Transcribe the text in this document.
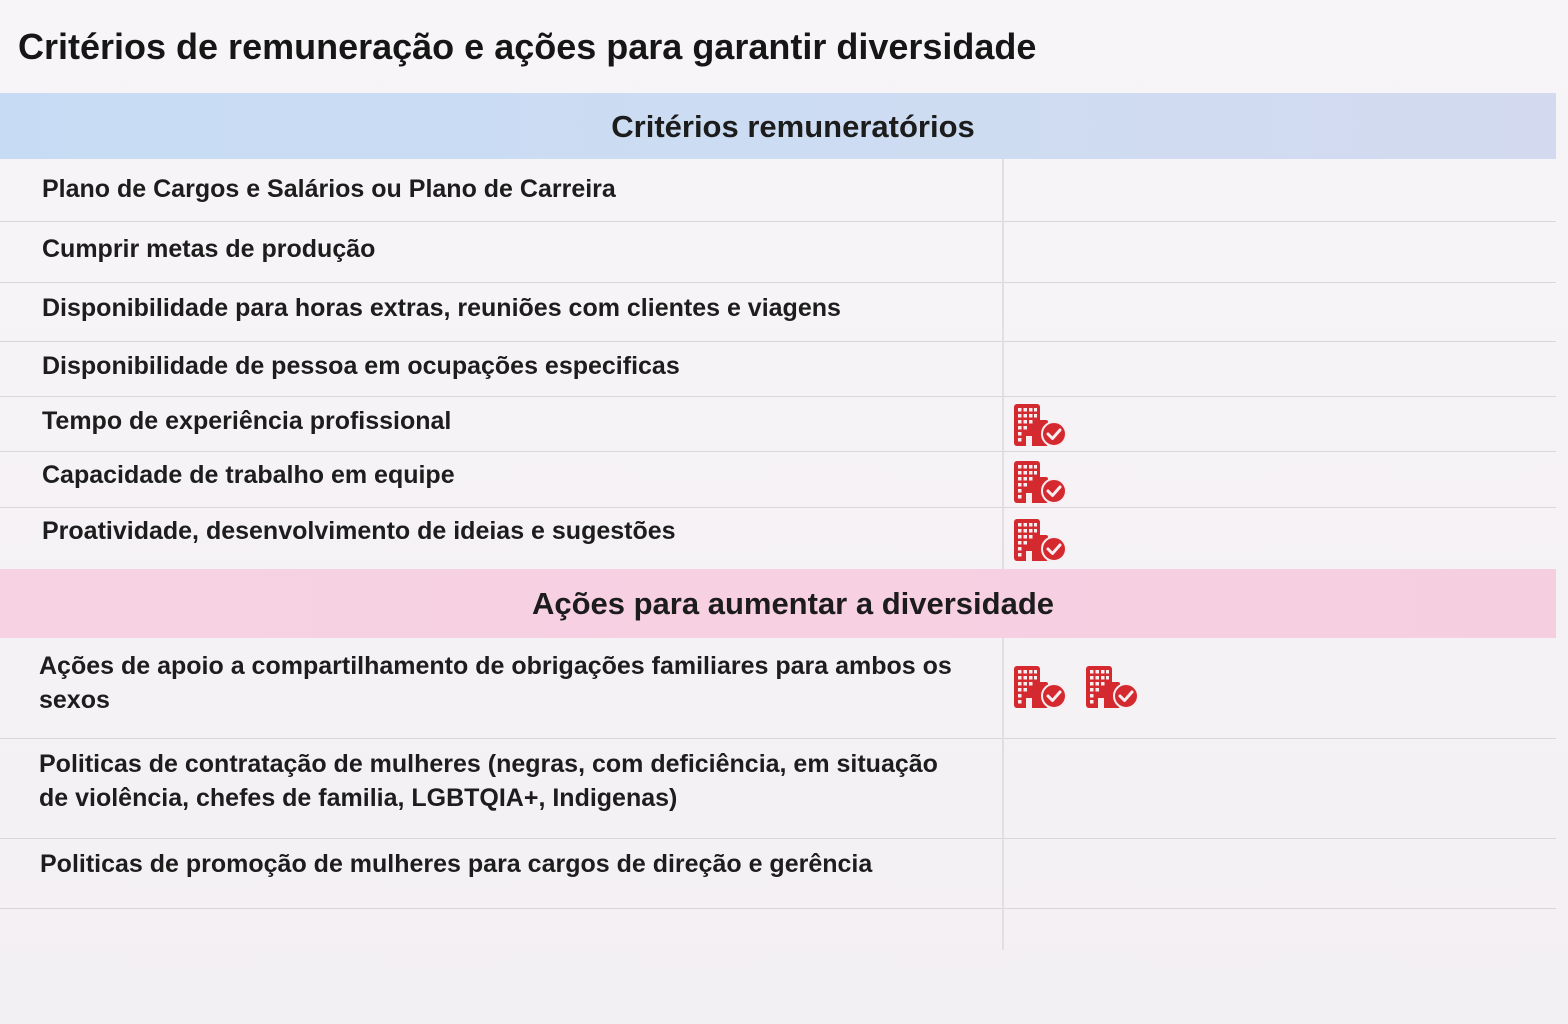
Critérios de remuneração e ações para garantir diversidade
Critérios remuneratórios
Plano de Cargos e Salários ou Plano de Carreira
Cumprir metas de produção
Disponibilidade para horas extras, reuniões com clientes e viagens
Disponibilidade de pessoa em ocupações especificas
Tempo de experiência profissional
Capacidade de trabalho em equipe
Proatividade, desenvolvimento de ideias e sugestões
Ações para aumentar a diversidade
Ações de apoio a compartilhamento de obrigações familiares para ambos os sexos
Politicas de contratação de mulheres (negras, com deficiência, em situação de violência, chefes de familia, LGBTQIA+, Indigenas)
Politicas de promoção de mulheres para cargos de direção e gerência
